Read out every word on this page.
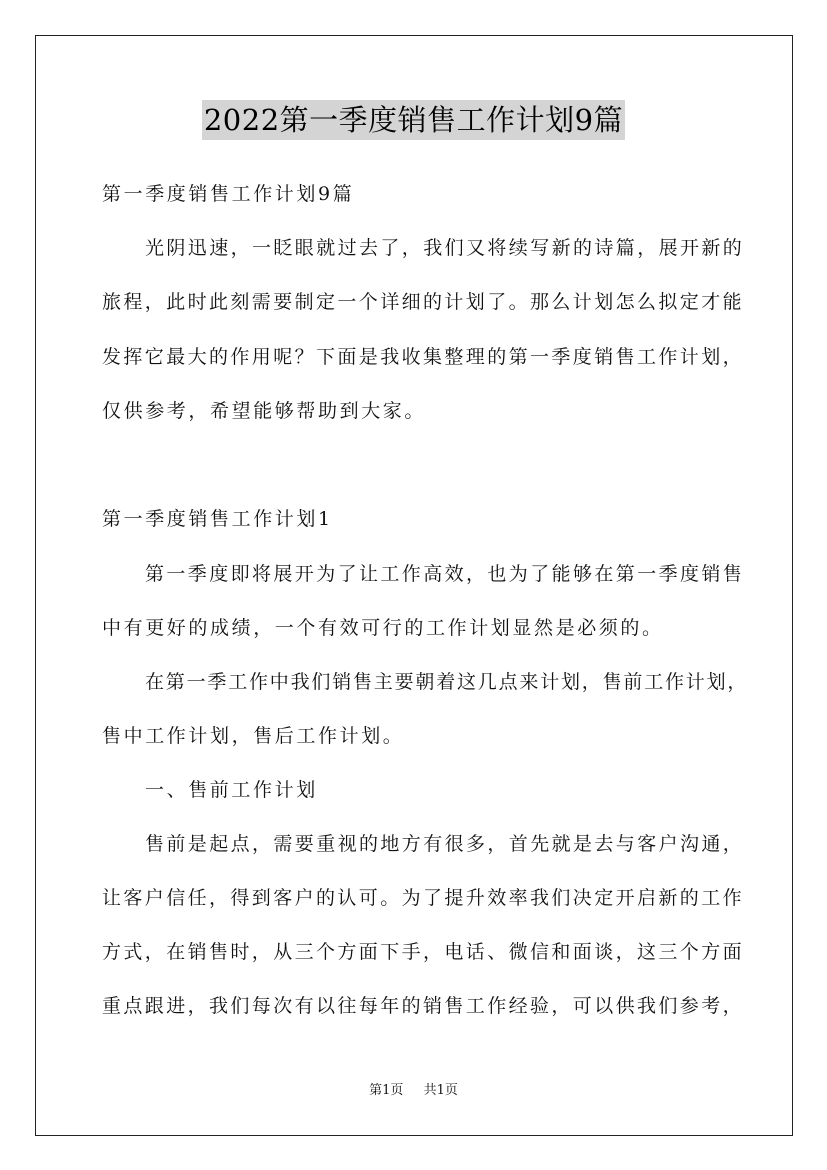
2022第一季度销售工作计划9篇
第一季度销售工作计划9篇
光阴迅速，一眨眼就过去了，我们又将续写新的诗篇，展开新的
旅程，此时此刻需要制定一个详细的计划了。那么计划怎么拟定才能
发挥它最大的作用呢？下面是我收集整理的第一季度销售工作计划，
仅供参考，希望能够帮助到大家。
第一季度销售工作计划1
第一季度即将展开为了让工作高效，也为了能够在第一季度销售
中有更好的成绩，一个有效可行的工作计划显然是必须的。
在第一季工作中我们销售主要朝着这几点来计划，售前工作计划，
售中工作计划，售后工作计划。
一、售前工作计划
售前是起点，需要重视的地方有很多，首先就是去与客户沟通，
让客户信任，得到客户的认可。为了提升效率我们决定开启新的工作
方式，在销售时，从三个方面下手，电话、微信和面谈，这三个方面
重点跟进，我们每次有以往每年的销售工作经验，可以供我们参考，
第1页 共1页
